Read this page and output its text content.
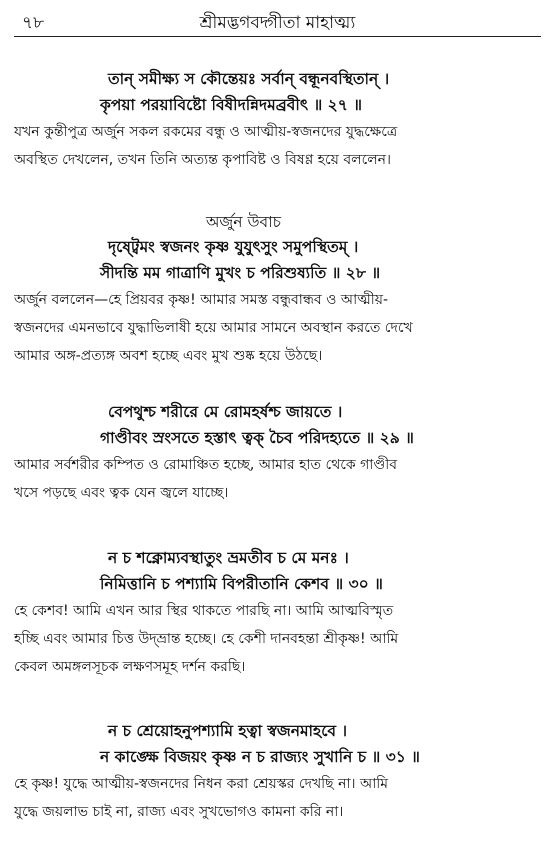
৭৮	শ্রীমদ্ভগবদ্গীতা মাহাত্ম্য

তান্ সমীক্ষ্য স কৌন্তেয়ঃ সর্বান্ বন্ধূনবস্থিতান্ ।

কৃপয়া পরয়াবিষ্টো বিষীদন্নিদমব্রবীৎ ॥ ২৭ ॥

যখন কুন্তীপুত্র অর্জুন সকল রকমের বন্ধু ও আত্মীয়-স্বজনদের যুদ্ধক্ষেত্রে
অবস্থিত দেখলেন, তখন তিনি অত্যন্ত কৃপাবিষ্ট ও বিষণ্ণ হয়ে বললেন।

অর্জুন উবাচ

দৃষ্ট্বেমং স্বজনং কৃষ্ণ যুযুৎসুং সমুপস্থিতম্ ।

সীদন্তি মম গাত্রাণি মুখং চ পরিশুষ্যতি ॥ ২৮ ॥

অর্জুন বললেন—হে প্রিয়বর কৃষ্ণ! আমার সমস্ত বন্ধুবান্ধব ও আত্মীয়-
স্বজনদের এমনভাবে যুদ্ধাভিলাষী হয়ে আমার সামনে অবস্থান করতে দেখে
আমার অঙ্গ-প্রত্যঙ্গ অবশ হচ্ছে এবং মুখ শুষ্ক হয়ে উঠছে।

বেপথুশ্চ শরীরে মে রোমহর্ষশ্চ জায়তে ।

গাণ্ডীবং স্রংসতে হস্তাৎ ত্বক্ চৈব পরিদহ্যতে ॥ ২৯ ॥

আমার সর্বশরীর কম্পিত ও রোমাঞ্চিত হচ্ছে, আমার হাত থেকে গাণ্ডীব
খসে পড়ছে এবং ত্বক যেন জ্বলে যাচ্ছে।

ন চ শক্নোম্যবস্থাতুং ভ্রমতীব চ মে মনঃ ।

নিমিত্তানি চ পশ্যামি বিপরীতানি কেশব ॥ ৩০ ॥

হে কেশব! আমি এখন আর স্থির থাকতে পারছি না। আমি আত্মবিস্মৃত
হচ্ছি এবং আমার চিত্ত উদ্‌ভ্রান্ত হচ্ছে। হে কেশী দানবহন্তা শ্রীকৃষ্ণ! আমি
কেবল অমঙ্গলসূচক লক্ষণসমূহ দর্শন করছি।

ন চ শ্রেয়োহনুপশ্যামি হত্বা স্বজনমাহবে ।

ন কাঙ্ক্ষে বিজয়ং কৃষ্ণ ন চ রাজ্যং সুখানি চ ॥ ৩১ ॥

হে কৃষ্ণ! যুদ্ধে আত্মীয়-স্বজনদের নিধন করা শ্রেয়স্কর দেখছি না। আমি
যুদ্ধে জয়লাভ চাই না, রাজ্য এবং সুখভোগও কামনা করি না।
